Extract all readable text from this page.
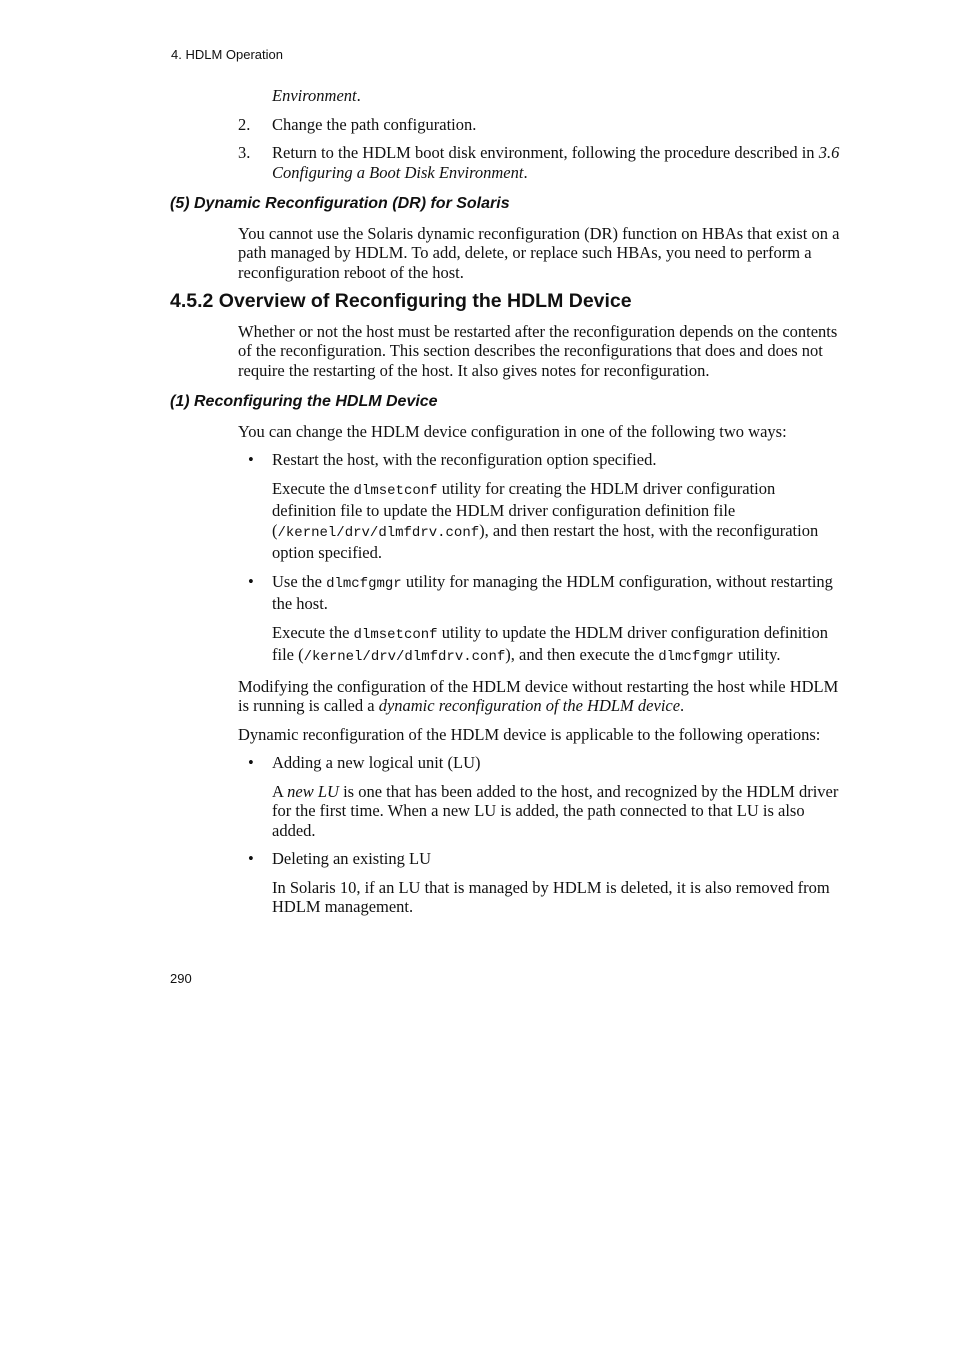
4. HDLM Operation
Environment.
2. Change the path configuration.
3. Return to the HDLM boot disk environment, following the procedure described in 3.6 Configuring a Boot Disk Environment.
(5) Dynamic Reconfiguration (DR) for Solaris
You cannot use the Solaris dynamic reconfiguration (DR) function on HBAs that exist on a path managed by HDLM. To add, delete, or replace such HBAs, you need to perform a reconfiguration reboot of the host.
4.5.2 Overview of Reconfiguring the HDLM Device
Whether or not the host must be restarted after the reconfiguration depends on the contents of the reconfiguration. This section describes the reconfigurations that does and does not require the restarting of the host. It also gives notes for reconfiguration.
(1) Reconfiguring the HDLM Device
You can change the HDLM device configuration in one of the following two ways:
• Restart the host, with the reconfiguration option specified.
Execute the dlmsetconf utility for creating the HDLM driver configuration definition file to update the HDLM driver configuration definition file (/kernel/drv/dlmfdrv.conf), and then restart the host, with the reconfiguration option specified.
• Use the dlmcfgmgr utility for managing the HDLM configuration, without restarting the host.
Execute the dlmsetconf utility to update the HDLM driver configuration definition file (/kernel/drv/dlmfdrv.conf), and then execute the dlmcfgmgr utility.
Modifying the configuration of the HDLM device without restarting the host while HDLM is running is called a dynamic reconfiguration of the HDLM device.
Dynamic reconfiguration of the HDLM device is applicable to the following operations:
• Adding a new logical unit (LU)
A new LU is one that has been added to the host, and recognized by the HDLM driver for the first time. When a new LU is added, the path connected to that LU is also added.
• Deleting an existing LU
In Solaris 10, if an LU that is managed by HDLM is deleted, it is also removed from HDLM management.
290
